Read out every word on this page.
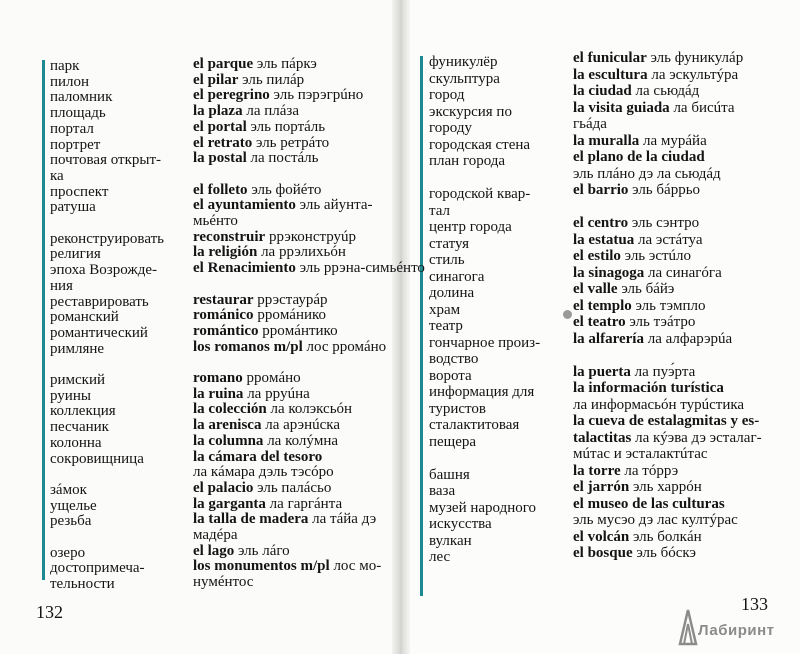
парк
пилон
паломник
площадь
портал
портрет
почтовая открыт-
ка
проспект
ратуша
реконструировать
религия
эпоха Возрожде-
ния
реставрировать
романский
романтический
римляне
римский
руины
коллекция
песчаник
колонна
сокровищница
зáмок
ущелье
резьба
озеро
достопримеча-
тельности
el parque эль пáркэ
el pilar эль пилáр
el peregrino эль пэрэгрúно
la plaza ла плáза
el portal эль портáль
el retrato эль ретрáто
la postal ла постáль
el folleto эль фойéто
el ayuntamiento эль айунта-
мьéнто
reconstruir ррэконструúр
la religión ла ррэлихьóн
el Renacimiento эль ррэна-симьéнто
restaurar ррэстаурáр
románico ррoмáнико
romántico ррoмáнтико
los romanos m/pl лос рромáно
romano ррoмáно
la ruina ла ррyúна
la colección ла колэксьóн
la arenisca ла арэнúска
la columna ла колýмна
la cámara del tesoro
ла кáмара дэль тэсóро
el palacio эль палáсьо
la garganta ла гаргáнта
la talla de madera ла тáйа дэ
мадéра
el lago эль лáго
los monumentos m/pl лос мо-
нумéнтос
фуникулёр
скульптура
город
экскурсия по
городу
городская стена
план города
городской квар-
тал
центр города
статуя
стиль
синагога
долина
храм
театр
гончарное произ-
водство
ворота
информация для
туристов
сталактитовая
пещера
башня
ваза
музей народного
искусства
вулкан
лес
el funicular эль фуникулáр
la escultura ла эскультýра
la ciudad ла сьюдáд
la visita guiada ла бисúта
гьáда
la muralla ла мурáйа
el plano de la ciudad
эль плáно дэ ла сьюдáд
el barrio эль бáррьо
el centro эль сэнтро
la estatua ла эстáтуа
el estilo эль эстúло
la sinagoga ла синагóга
el valle эль бáйэ
el templo эль тэмпло
el teatro эль тэáтро
la alfarería ла алфарэрúа
la puerta ла пуэ́рта
la información turística
ла информасьóн турúстика
la cueva de estalagmitas y es-
talactitas ла кýэва дэ эсталаг-
мúтас и эсталактúтас
la torre ла тóррэ
el jarrón эль харрóн
el museo de las culturas
эль мусэо дэ лас култýрас
el volcán эль болкáн
el bosque эль бóскэ
132	133
Лабиринт
